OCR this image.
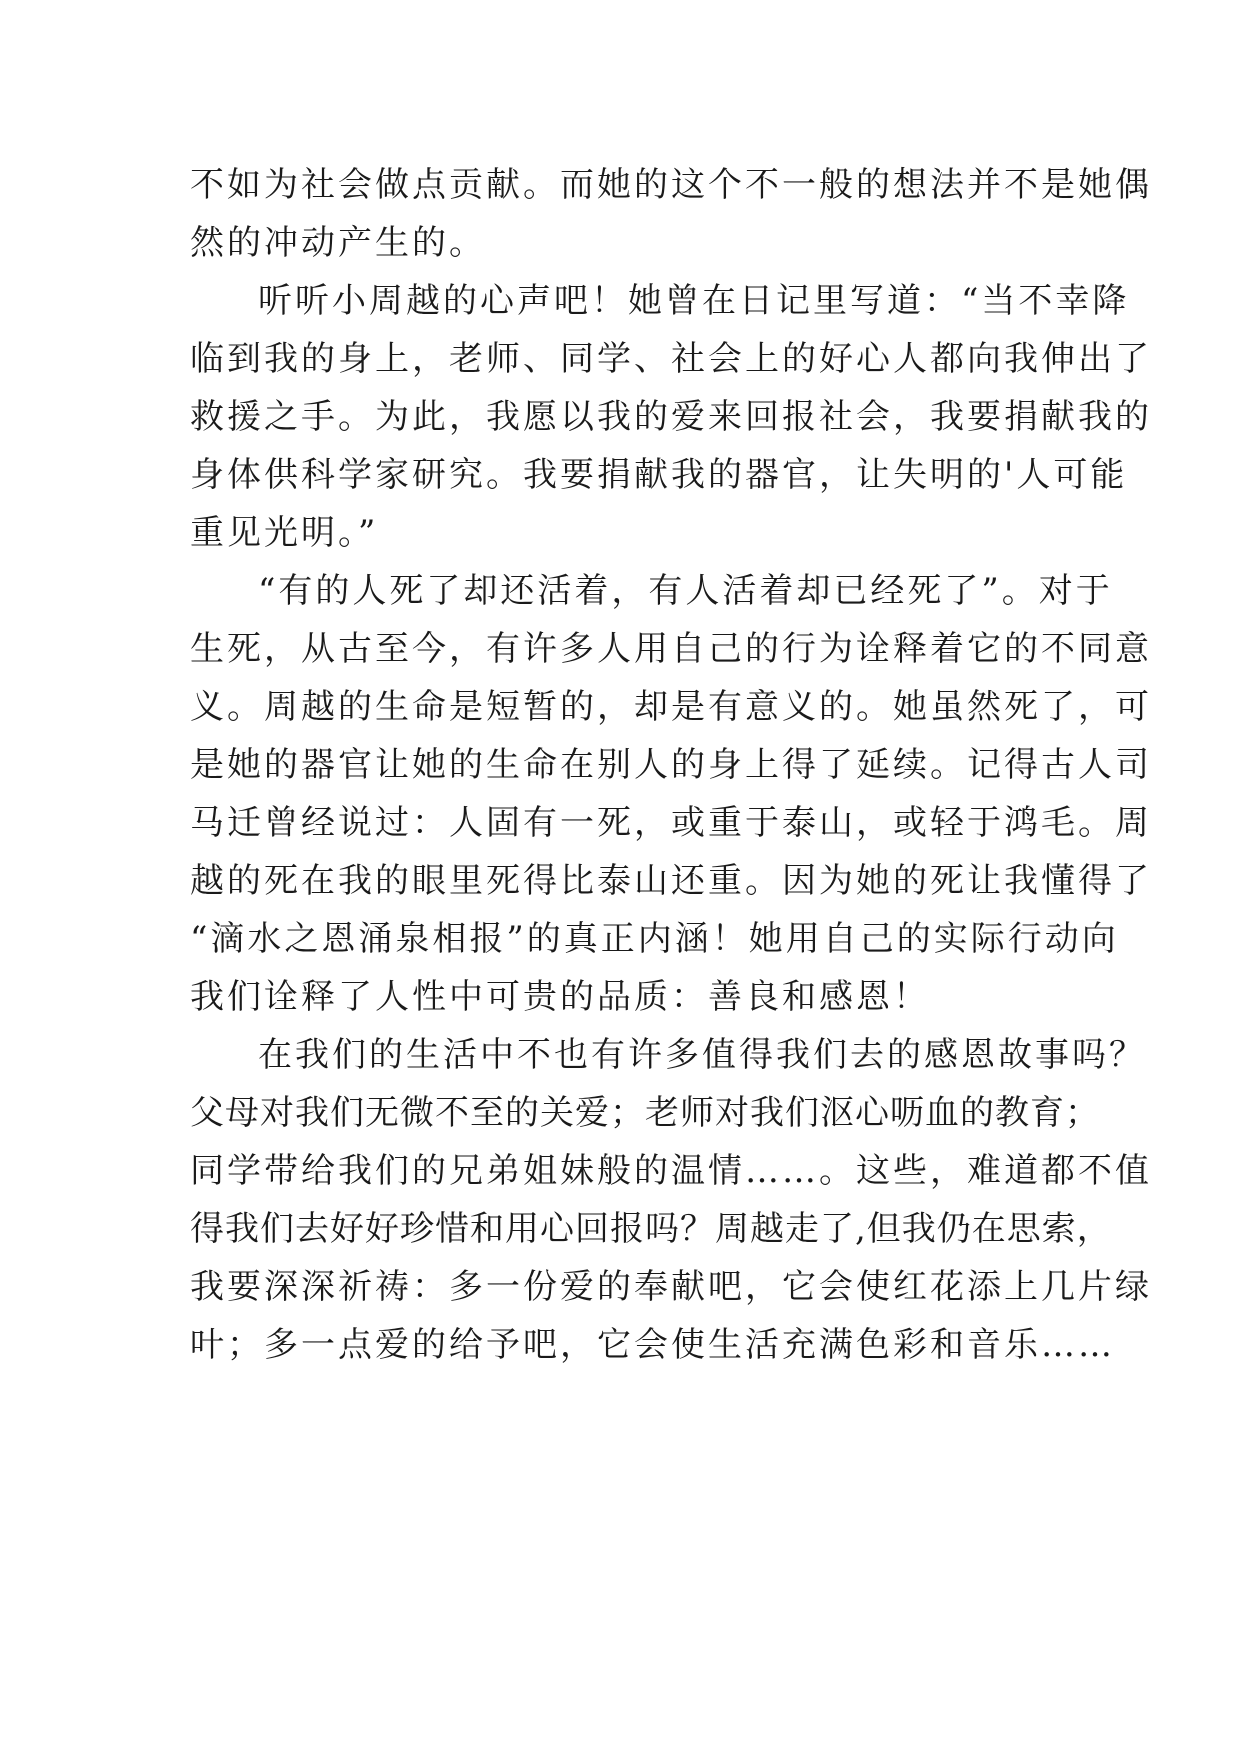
不如为社会做点贡献。而她的这个不一般的想法并不是她偶
然的冲动产生的。
听听小周越的心声吧！她曾在日记里写道：“当不幸降
临到我的身上，老师、同学、社会上的好心人都向我伸出了
救援之手。为此，我愿以我的爱来回报社会，我要捐献我的
身体供科学家研究。我要捐献我的器官，让失明的'人可能
重见光明。”
“有的人死了却还活着，有人活着却已经死了”。对于
生死，从古至今，有许多人用自己的行为诠释着它的不同意
义。周越的生命是短暂的，却是有意义的。她虽然死了，可
是她的器官让她的生命在别人的身上得了延续。记得古人司
马迁曾经说过：人固有一死，或重于泰山，或轻于鸿毛。周
越的死在我的眼里死得比泰山还重。因为她的死让我懂得了
“滴水之恩涌泉相报”的真正内涵！她用自己的实际行动向
我们诠释了人性中可贵的品质：善良和感恩！
在我们的生活中不也有许多值得我们去的感恩故事吗？
父母对我们无微不至的关爱；老师对我们沤心呖血的教育；
同学带给我们的兄弟姐妹般的温情……。这些，难道都不值
得我们去好好珍惜和用心回报吗？周越走了,但我仍在思索，
我要深深祈祷：多一份爱的奉献吧，它会使红花添上几片绿
叶；多一点爱的给予吧，它会使生活充满色彩和音乐……
